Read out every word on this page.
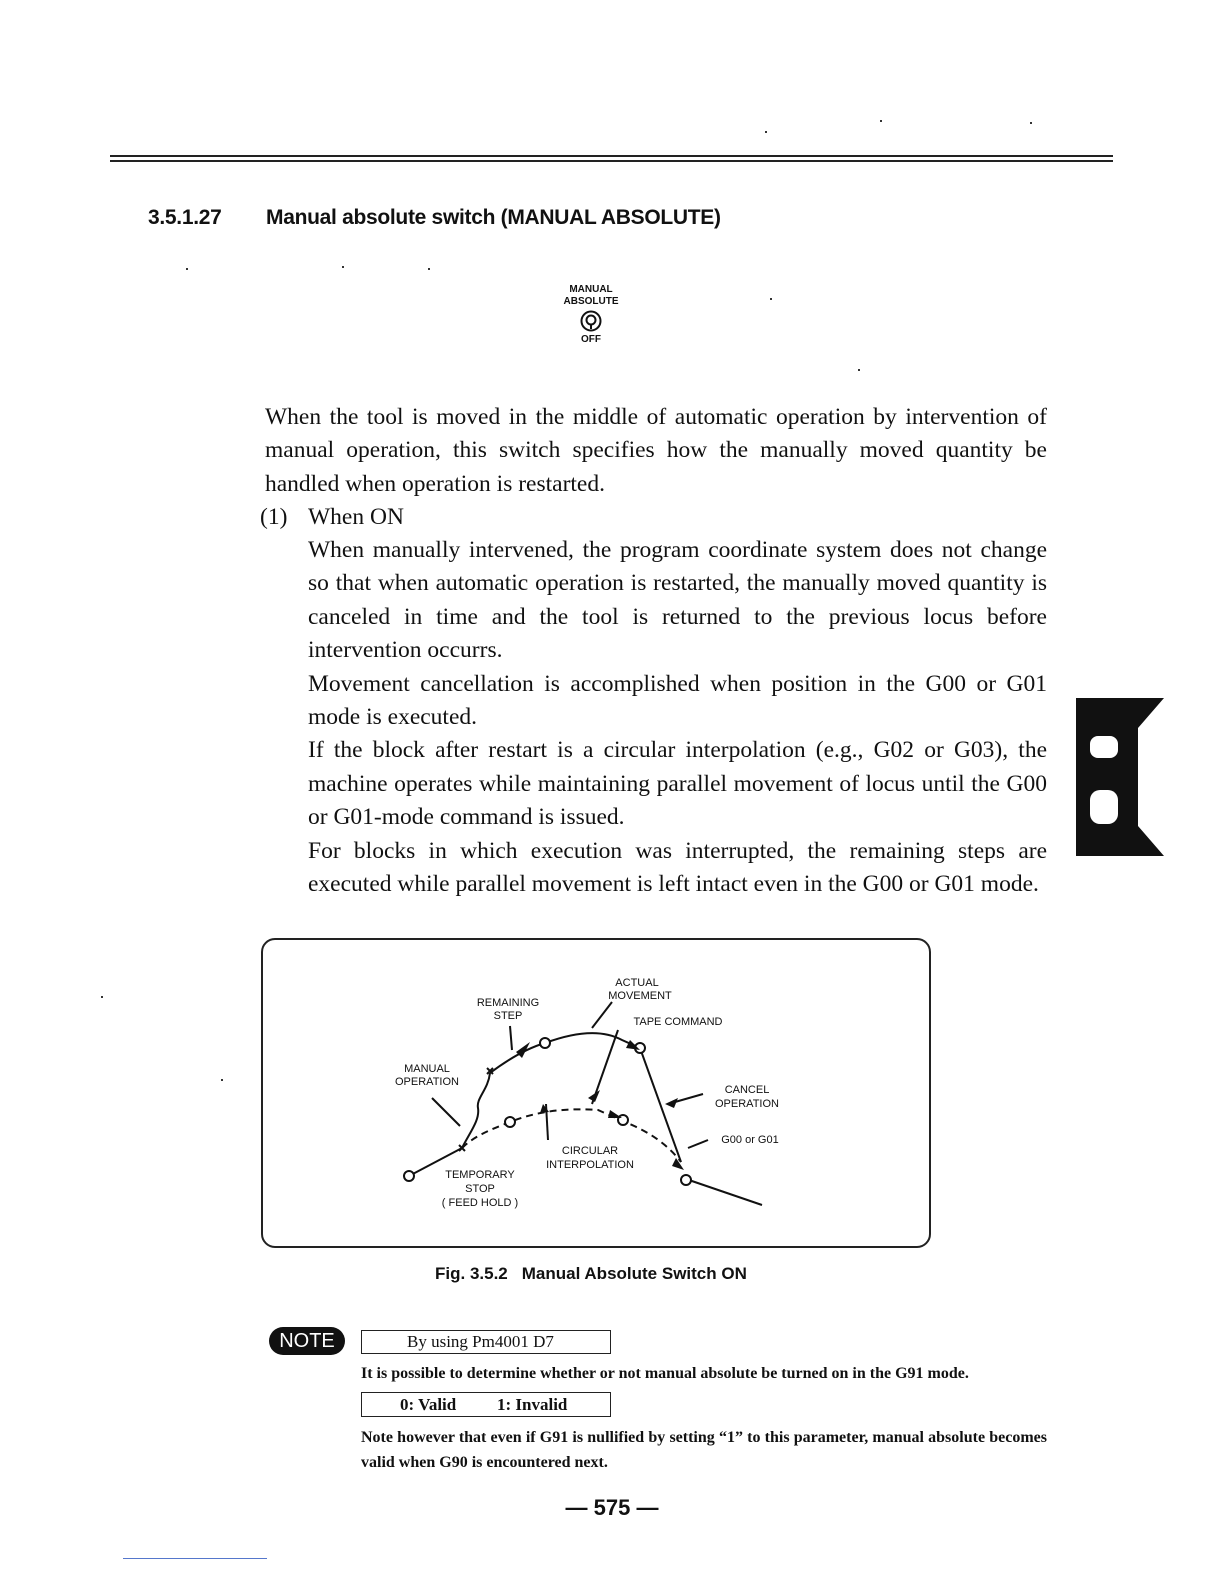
3.5.1.27 Manual absolute switch (MANUAL ABSOLUTE)
MANUAL
ABSOLUTE
OFF

When the tool is moved in the middle of automatic operation by intervention of manual operation, this switch specifies how the manually moved quantity be handled when operation is restarted.

(1) When ON

When manually intervened, the program coordinate system does not change so that when automatic operation is restarted, the manually moved quantity is canceled in time and the tool is returned to the previous locus before intervention occurrs.

Movement cancellation is accomplished when position in the G00 or G01 mode is executed.

If the block after restart is a circular interpolation (e.g., G02 or G03), the machine operates while maintaining parallel movement of locus until the G00 or G01-mode command is issued.

For blocks in which execution was interrupted, the remaining steps are executed while parallel movement is left intact even in the G00 or G01 mode.

ACTUAL
MOVEMENT
REMAINING
STEP	TAPE COMMAND
MANUAL
OPERATION
CANCEL
OPERATION
G00 or G01
CIRCULAR
INTERPOLATION
TEMPORARY
STOP
( FEED HOLD )
Fig. 3.5.2 Manual Absolute Switch ON
NOTE	By using Pm4001 D7
It is possible to determine whether or not manual absolute be turned on in the G91 mode.
0: Valid 1: Invalid
Note however that even if G91 is nullified by setting “1” to this parameter, manual absolute becomes valid when G90 is encountered next.
— 575 —
